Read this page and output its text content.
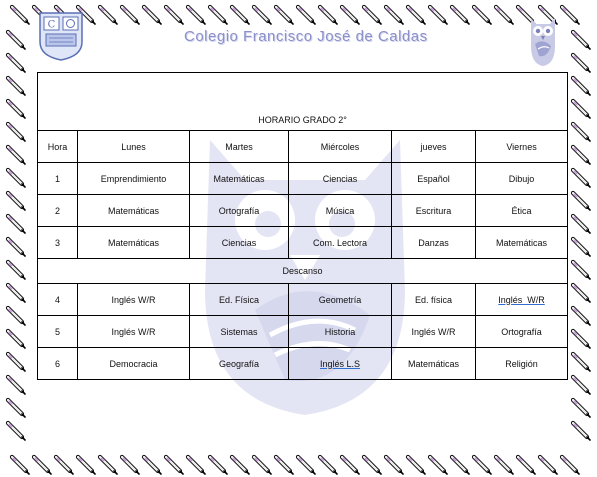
C
Colegio Francisco José de Caldas
HORARIO GRADO 2°					
Hora	Lunes	Martes	Miércoles	jueves	Viernes
1	Emprendimiento	Matemáticas	Ciencias	Español	Dibujo
2	Matemáticas	Ortografía	Música	Escritura	Ética
3	Matemáticas	Ciencias	Com. Lectora	Danzas	Matemáticas
Descanso					
4	Inglés W/R	Ed. Física	Geometría	Ed. física	Inglés  W/R
5	Inglés W/R	Sistemas	Historia	Inglés W/R	Ortografía
6	Democracia	Geografía	Inglés L.S	Matemáticas	Religión
